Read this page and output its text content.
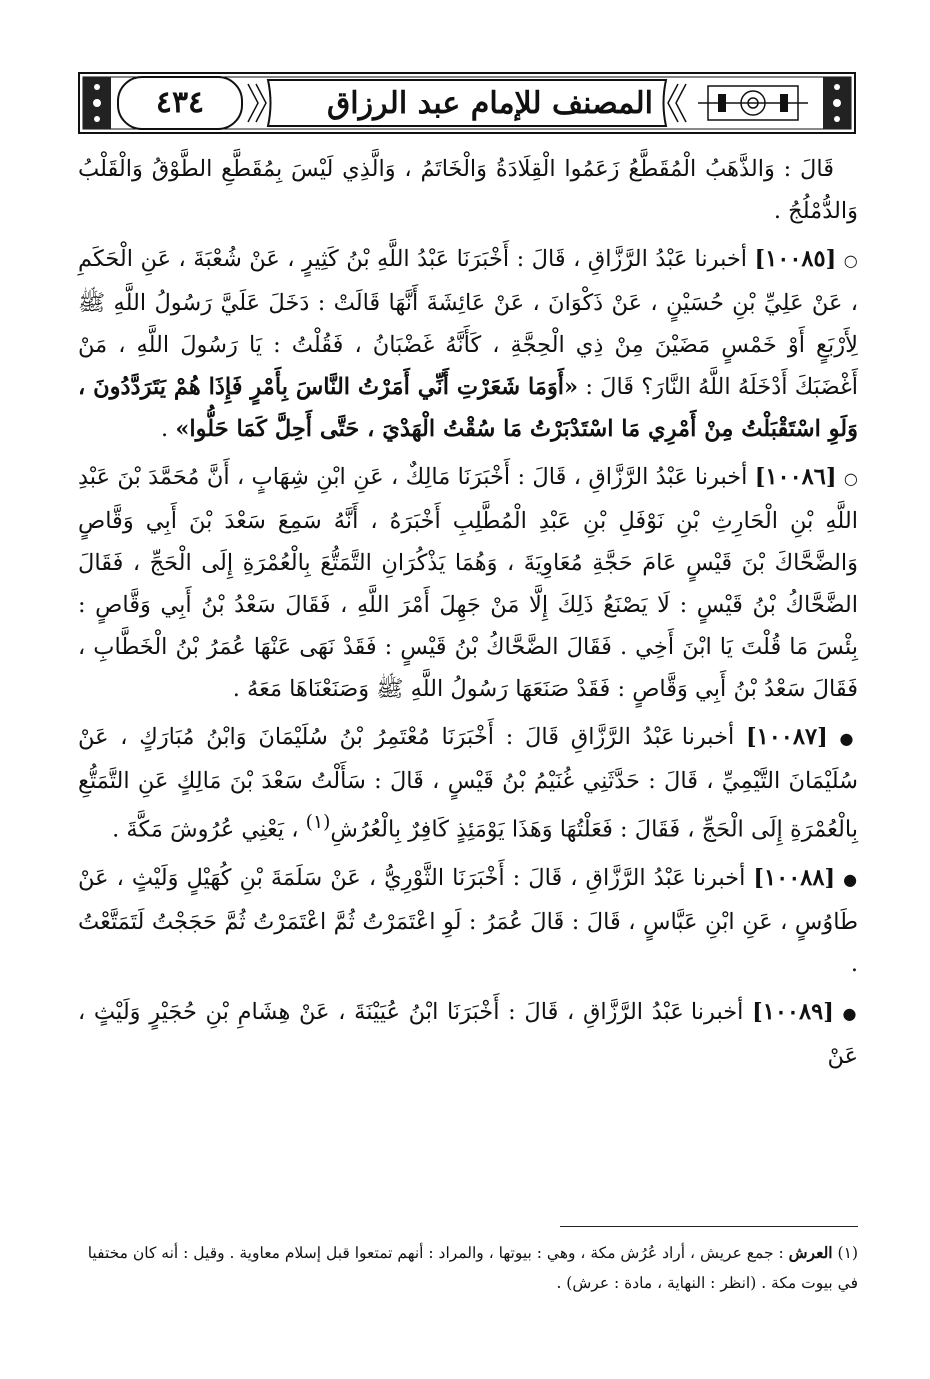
٤٣٤	المصنف للإمام عبد الرزاق

قَالَ : وَالذَّهَبُ الْمُقَطَّعُ زَعَمُوا الْقِلَادَةُ وَالْخَاتَمُ ، وَالَّذِي لَيْسَ بِمُقَطَّعِ الطَّوْقُ وَالْقَلْبُ وَالدُّمْلُجُ .

○ [١٠٠٨٥] أخبرنا عَبْدُ الرَّزَّاقِ ، قَالَ : أَخْبَرَنَا عَبْدُ اللَّهِ بْنُ كَثِيرٍ ، عَنْ شُعْبَةَ ، عَنِ الْحَكَمِ ، عَنْ عَلِيِّ بْنِ حُسَيْنٍ ، عَنْ ذَكْوَانَ ، عَنْ عَائِشَةَ أَنَّهَا قَالَتْ : دَخَلَ عَلَيَّ رَسُولُ اللَّهِ ﷺ لِأَرْبَعٍ أَوْ خَمْسٍ مَضَيْنَ مِنْ ذِي الْحِجَّةِ ، كَأَنَّهُ غَضْبَانُ ، فَقُلْتُ : يَا رَسُولَ اللَّهِ ، مَنْ أَغْضَبَكَ أَدْخَلَهُ اللَّهُ النَّارَ؟ قَالَ : «أَوَمَا شَعَرْتِ أَنِّي أَمَرْتُ النَّاسَ بِأَمْرٍ فَإِذَا هُمْ يَتَرَدَّدُونَ ، وَلَوِ اسْتَقْبَلْتُ مِنْ أَمْرِي مَا اسْتَدْبَرْتُ مَا سُقْتُ الْهَدْيَ ، حَتَّى أَحِلَّ كَمَا حَلُّوا» .

○ [١٠٠٨٦] أخبرنا عَبْدُ الرَّزَّاقِ ، قَالَ : أَخْبَرَنَا مَالِكٌ ، عَنِ ابْنِ شِهَابٍ ، أَنَّ مُحَمَّدَ بْنَ عَبْدِ اللَّهِ بْنِ الْحَارِثِ بْنِ نَوْفَلِ بْنِ عَبْدِ الْمُطَّلِبِ أَخْبَرَهُ ، أَنَّهُ سَمِعَ سَعْدَ بْنَ أَبِي وَقَّاصٍ وَالضَّحَّاكَ بْنَ قَيْسٍ عَامَ حَجَّةِ مُعَاوِيَةَ ، وَهُمَا يَذْكُرَانِ التَّمَتُّعَ بِالْعُمْرَةِ إِلَى الْحَجِّ ، فَقَالَ الضَّحَّاكُ بْنُ قَيْسٍ : لَا يَصْنَعُ ذَلِكَ إِلَّا مَنْ جَهِلَ أَمْرَ اللَّهِ ، فَقَالَ سَعْدُ بْنُ أَبِي وَقَّاصٍ : بِئْسَ مَا قُلْتَ يَا ابْنَ أَخِي . فَقَالَ الضَّحَّاكُ بْنُ قَيْسٍ : فَقَدْ نَهَى عَنْهَا عُمَرُ بْنُ الْخَطَّابِ ، فَقَالَ سَعْدُ بْنُ أَبِي وَقَّاصٍ : فَقَدْ صَنَعَهَا رَسُولُ اللَّهِ ﷺ وَصَنَعْنَاهَا مَعَهُ .

● [١٠٠٨٧] أخبرنا عَبْدُ الرَّزَّاقِ قَالَ : أَخْبَرَنَا مُعْتَمِرُ بْنُ سُلَيْمَانَ وَابْنُ مُبَارَكٍ ، عَنْ سُلَيْمَانَ التَّيْمِيِّ ، قَالَ : حَدَّثَنِي غُنَيْمُ بْنُ قَيْسٍ ، قَالَ : سَأَلْتُ سَعْدَ بْنَ مَالِكٍ عَنِ التَّمَتُّعِ بِالْعُمْرَةِ إِلَى الْحَجِّ ، فَقَالَ : فَعَلْتُهَا وَهَذَا يَوْمَئِذٍ كَافِرٌ بِالْعُرُشِ$^{(١)}$ ، يَعْنِي عُرُوشَ مَكَّةَ .

● [١٠٠٨٨] أخبرنا عَبْدُ الرَّزَّاقِ ، قَالَ : أَخْبَرَنَا الثَّوْرِيُّ ، عَنْ سَلَمَةَ بْنِ كُهَيْلٍ وَلَيْثٍ ، عَنْ طَاوُسٍ ، عَنِ ابْنِ عَبَّاسٍ ، قَالَ : قَالَ عُمَرُ : لَوِ اعْتَمَرْتُ ثُمَّ اعْتَمَرْتُ ثُمَّ حَجَجْتُ لَتَمَتَّعْتُ .

● [١٠٠٨٩] أخبرنا عَبْدُ الرَّزَّاقِ ، قَالَ : أَخْبَرَنَا ابْنُ عُيَيْنَةَ ، عَنْ هِشَامِ بْنِ حُجَيْرٍ وَلَيْثٍ ، عَنْ

(١) العرش : جمع عريش ، أراد عُرُش مكة ، وهي : بيوتها ، والمراد : أنهم تمتعوا قبل إسلام معاوية . وقيل : أنه كان مختفيا في بيوت مكة . (انظر : النهاية ، مادة : عرش) .
